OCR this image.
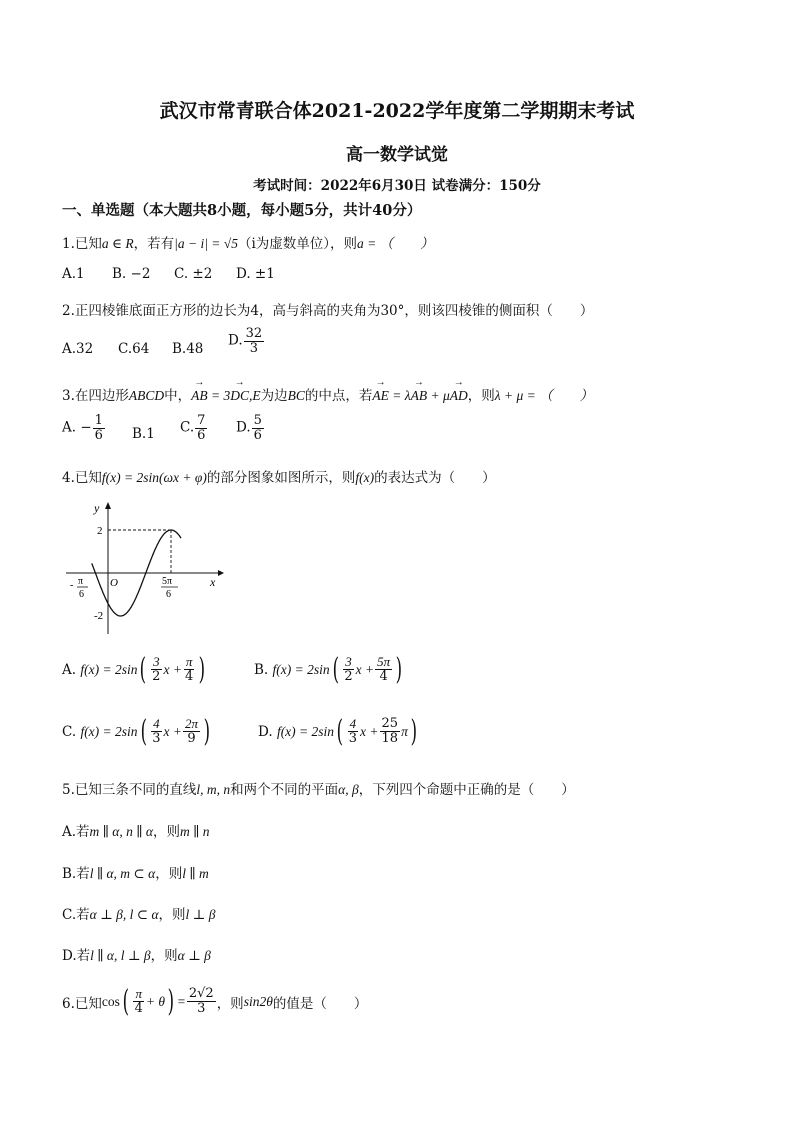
武汉市常青联合体2021-2022学年度第二学期期末考试
高一数学试觉
考试时间：2022年6月30日 试卷满分：150分
一、单选题（本大题共8小题，每小题5分，共计40分）
1.已知a ∈ R，若有|a − i| = √5（i为虚数单位），则a = （　　）
A.1 B. −2 C. ±2 D. ±1
2.正四棱锥底面正方形的边长为4，高与斜高的夹角为30°，则该四棱锥的侧面积（　　）
A.32 C.64 B.48
D. $\frac{32}{3}$
3.在四边形ABCD中，→ AB = 3→ DC,E为边BC的中点，若→ AE = λ→ AB + μ→ AD，则λ + μ = （　　）
A. − $\frac{1}{6} B.1$ C. $\frac{7}{6} D$. $\frac{5}{6}$
4.已知f(x) = 2sin(ωx + φ)的部分图象如图所示，则f(x)的表达式为（　　）
y
x
O
2
-2
- π
6
5π
6
A.
f(x) = 2sin ( $\frac{3}{2}$ $x + \frac{\pi}{4}$ )	B.
f(x) = 2sin ( $\frac{3}{2}$ $x + \frac{5\pi}{4}$ )
C.
f(x) = 2sin ( $\frac{4}{3}$ $x + \frac{2\pi}{9}$ )	D.
f(x) = 2sin ( $\frac{4}{3}$ $x + \frac{25}{18}$ π )
5.已知三条不同的直线l, m, n和两个不同的平面α, β，下列四个命题中正确的是（　　）
A.若m ∥ α, n ∥ α，则m ∥ n
B.若l ∥ α, m ⊂ α，则l ∥ m
C.若α ⊥ β, l ⊂ α，则l ⊥ β
D.若l ∥ α, l ⊥ β，则α ⊥ β
6.已知 cos ( $\frac{\pi}{4} + \theta$ ) = $\frac{2√2}{3}$ ，则 sin2θ 的值是（　　）
